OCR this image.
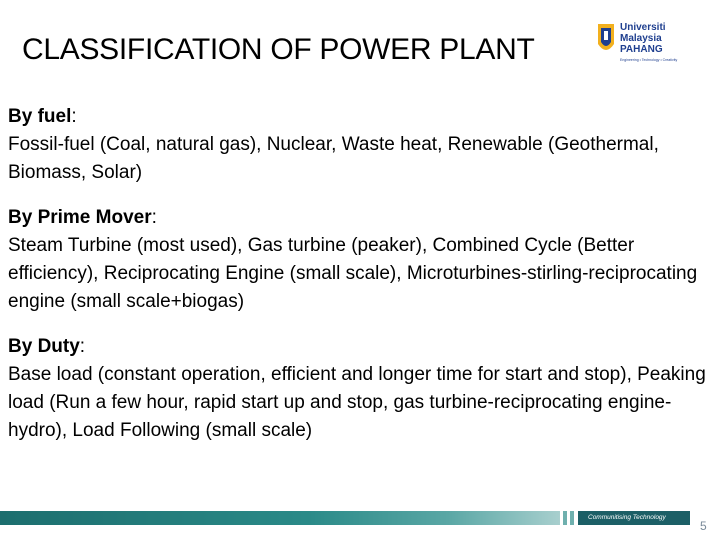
CLASSIFICATION OF POWER PLANT
Universiti
Malaysia
PAHANG
Engineering • Technology • Creativity
By fuel:
Fossil-fuel (Coal, natural gas), Nuclear, Waste heat, Renewable (Geothermal, Biomass, Solar)
By Prime Mover:
Steam Turbine (most used), Gas turbine (peaker), Combined Cycle (Better efficiency), Reciprocating Engine (small scale), Microturbines-stirling-reciprocating engine (small scale+biogas)
By Duty:
Base load (constant operation, efficient and longer time for start and stop), Peaking load (Run a few hour, rapid start up and stop, gas turbine-reciprocating engine-hydro), Load Following (small scale)
Communitising Technology
5
